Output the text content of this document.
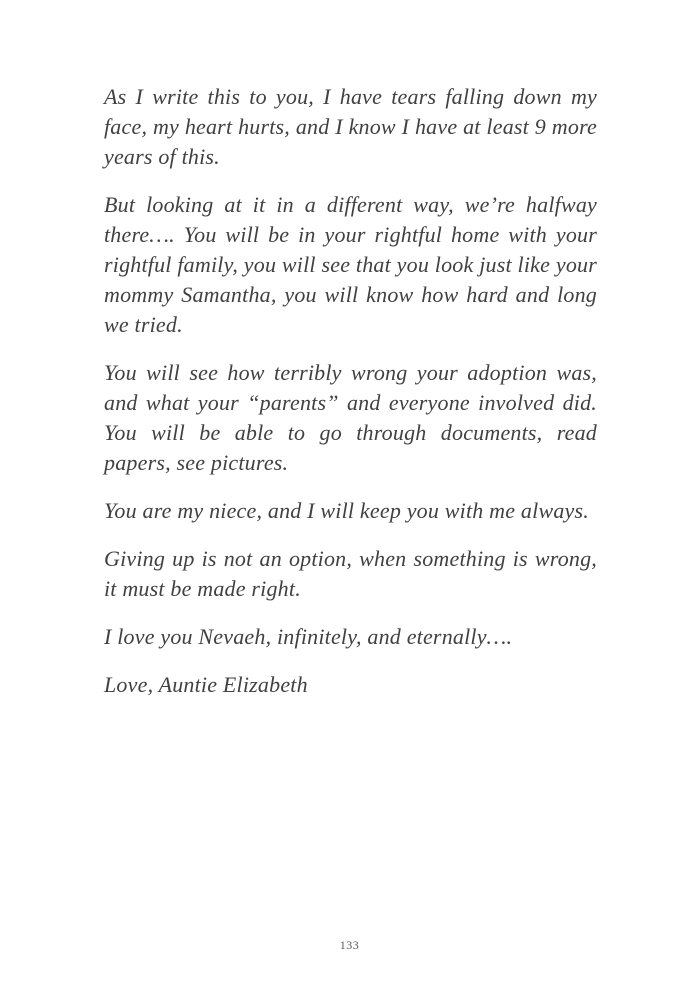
As I write this to you, I have tears falling down my face, my heart hurts, and I know I have at least 9 more years of this.

But looking at it in a different way, we’re halfway there…. You will be in your rightful home with your rightful family, you will see that you look just like your mommy Samantha, you will know how hard and long we tried.

You will see how terribly wrong your adoption was, and what your “parents” and everyone involved did. You will be able to go through documents, read papers, see pictures.

You are my niece, and I will keep you with me always.

Giving up is not an option, when something is wrong, it must be made right.

I love you Nevaeh, infinitely, and eternally….

Love, Auntie Elizabeth

133
